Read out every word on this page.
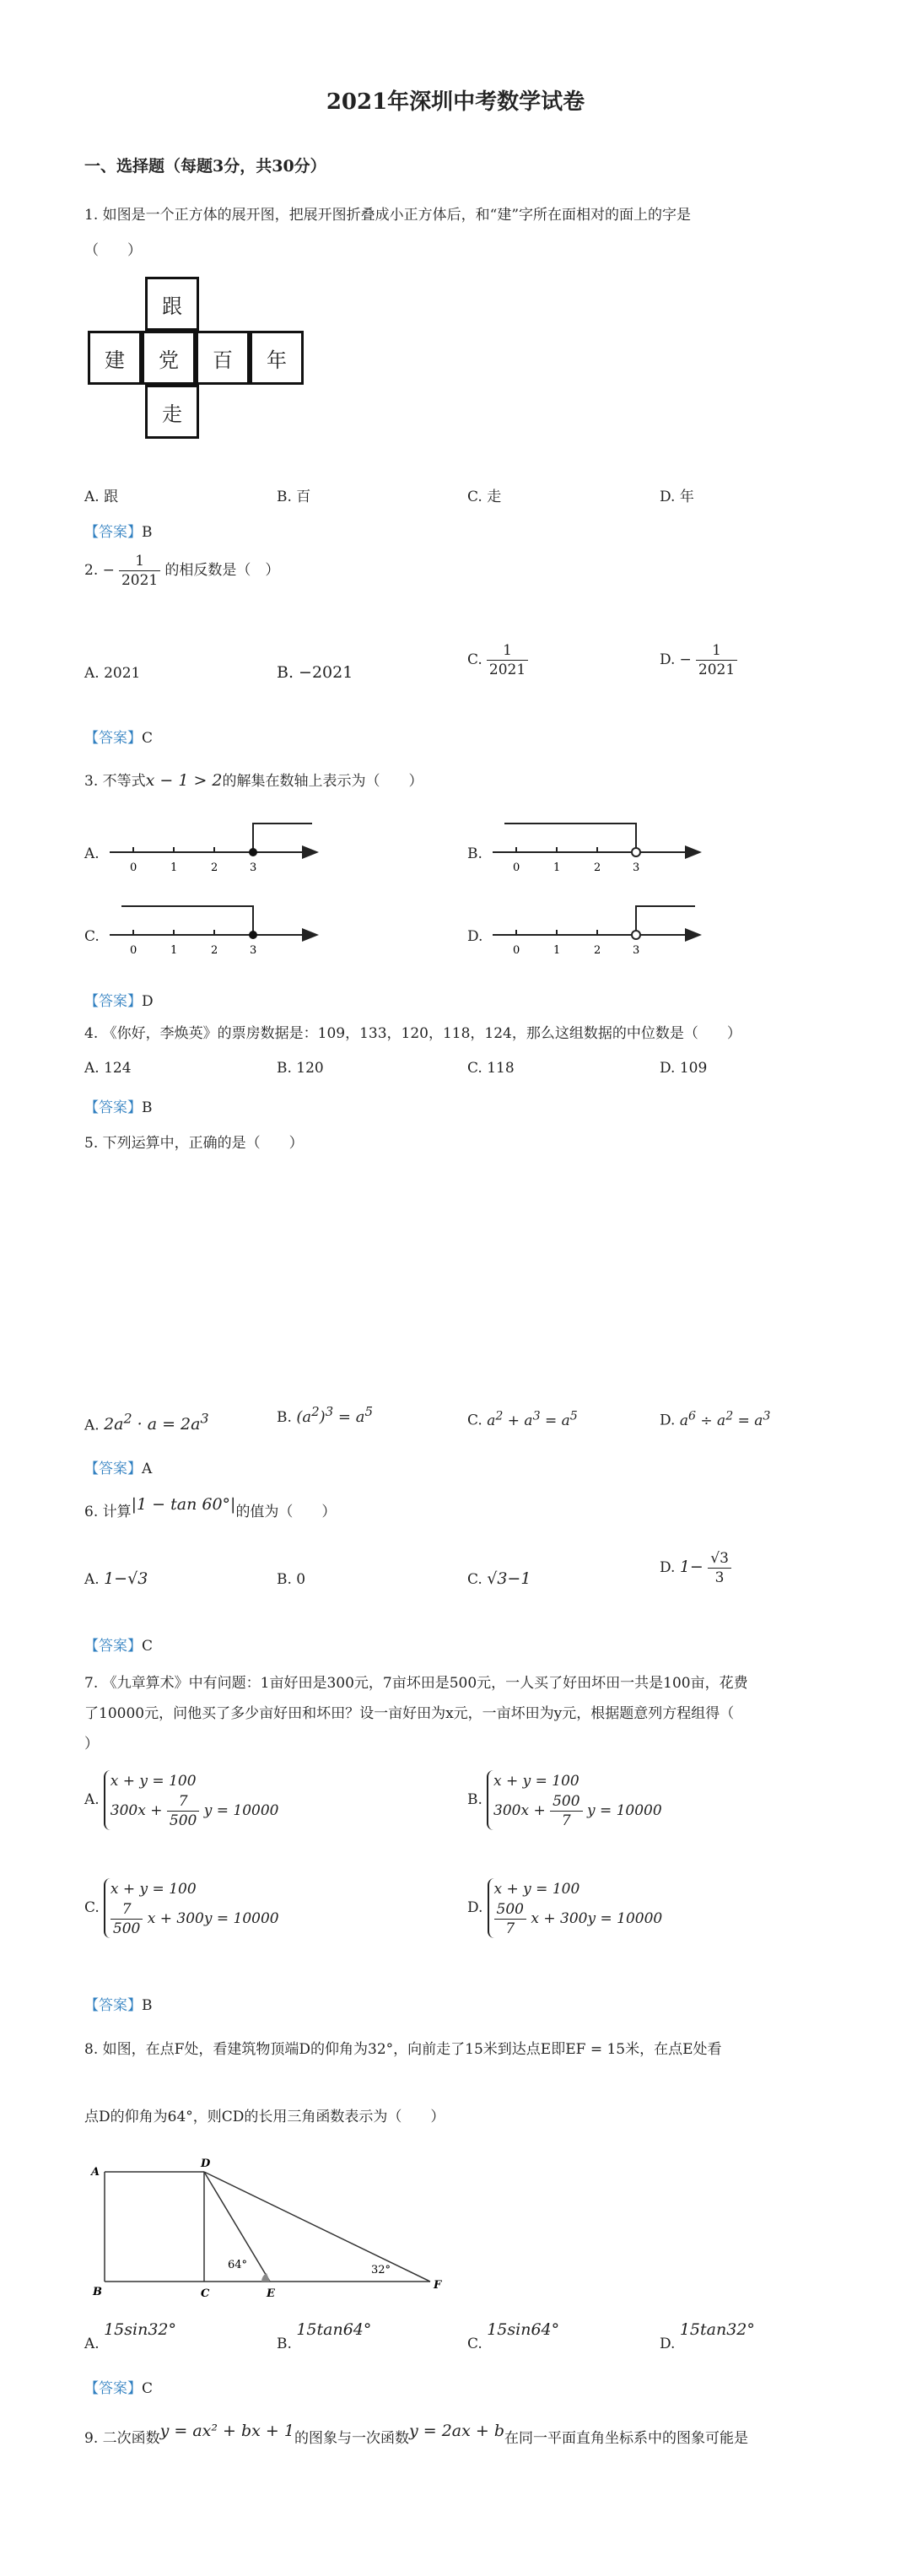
2021年深圳中考数学试卷
一、选择题（每题3分，共30分）
1. 如图是一个正方体的展开图，把展开图折叠成小正方体后，和“建”字所在面相对的面上的字是
（　　）
跟
建	党	百	年
走
A. 跟	B. 百	C. 走	D. 年
【答案】B
2. − $\frac{1}{2021}$ 的相反数是（　）
A. 2021	B. −2021
C. $\frac{1}{2021}$	D. − $\frac{1}{2021}$
【答案】C
3. 不等式x − 1 > 2的解集在数轴上表示为（　　）
A.	B.
C.	D.
0	1	2	3	0	1	2	3
0	1	2	3	0	1	2	3
【答案】D
4. 《你好，李焕英》的票房数据是：109，133，120，118，124，那么这组数据的中位数是（　　）
A. 124	B. 120	C. 118	D. 109
【答案】B
5. 下列运算中，正确的是（　　）
A. $2a^2 \cdot a = 2a^3$	B. $(a^2)^3 = a^5$
C. $a^2 + a^3 = a^5$	D. $a^6 \div a^2 = a^3$
【答案】A
6. 计算|1 − tan 60°|的值为（　　）
A. 1−√3	B. 0	C. √3−1
D. $1- \frac{√3}{3}$
【答案】C
7. 《九章算术》中有问题：1亩好田是300元，7亩坏田是500元，一人买了好田坏田一共是100亩，花费
了10000元，问他买了多少亩好田和坏田？设一亩好田为x元，一亩坏田为y元，根据题意列方程组得（
）
A. x + y = 100
$300x + \frac{7}{500}$ y = 10000
B. x + y = 100
$300x + \frac{500}{7}$ y = 10000
C. x + y = 100

$\frac{7}{500}$ x + 300y = 10000
D. x + y = 100

$\frac{500}{7}$ x + 300y = 10000
【答案】B
8. 如图，在点F处，看建筑物顶端D的仰角为32°，向前走了15米到达点E即EF = 15米，在点E处看
点D的仰角为64°，则CD的长用三角函数表示为（　　）
A
D
B	C	E
F
64°	32°
A. 15sin32°
B. 15tan64°
C. 15sin64°
D. 15tan32°
【答案】C
9. 二次函数y = ax² + bx + 1的图象与一次函数y = 2ax + b在同一平面直角坐标系中的图象可能是
